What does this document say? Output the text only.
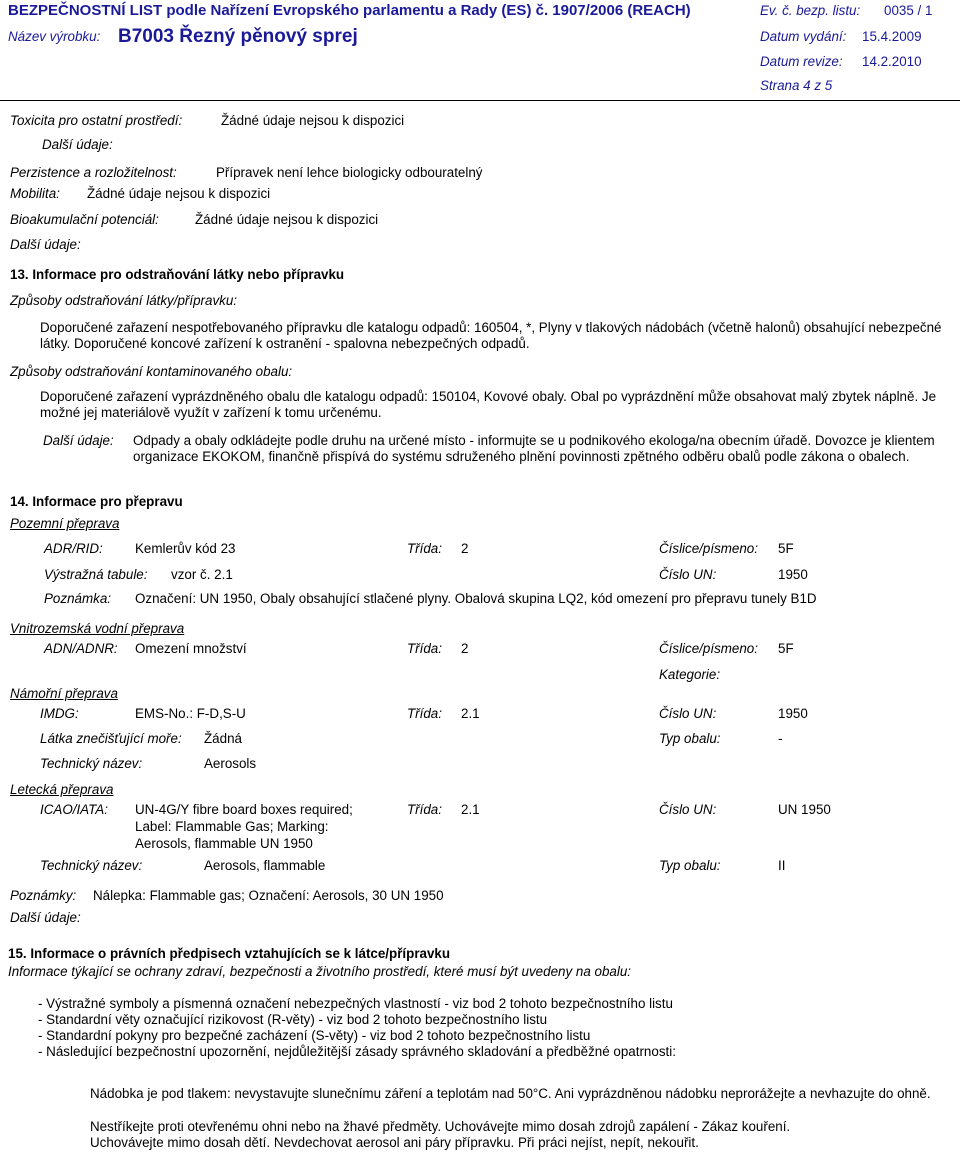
BEZPEČNOSTNÍ LIST podle Nařízení Evropského parlamentu a Rady (ES) č. 1907/2006 (REACH)	Ev. č. bezp. listu: 0035 / 1
Název výrobku: B7003 Řezný pěnový sprej	Datum vydání: 15.4.2009
Datum revize: 14.2.2010
Strana 4 z 5
Toxicita pro ostatní prostředí:	Žádné údaje nejsou k dispozici
Další údaje:
Perzistence a rozložitelnost:	Přípravek není lehce biologicky odbouratelný
Mobilita: Žádné údaje nejsou k dispozici
Bioakumulační potenciál:	Žádné údaje nejsou k dispozici
Další údaje:
13. Informace pro odstraňování látky nebo přípravku
Způsoby odstraňování látky/přípravku:
Doporučené zařazení nespotřebovaného přípravku dle katalogu odpadů: 160504, *, Plyny v tlakových nádobách (včetně halonů) obsahující nebezpečné látky. Doporučené koncové zařízení k ostranění - spalovna nebezpečných odpadů.
Způsoby odstraňování kontaminovaného obalu:
Doporučené zařazení vyprázdněného obalu dle katalogu odpadů: 150104, Kovové obaly. Obal po vyprázdnění může obsahovat malý zbytek náplně. Je možné jej materiálově využít v zařízení k tomu určenému.
Další údaje: Odpady a obaly odkládejte podle druhu na určené místo - informujte se u podnikového ekologa/na obecním úřadě. Dovozce je klientem organizace EKOKOM, finančně přispívá do systému sdruženého plnění povinnosti zpětného odběru obalů podle zákona o obalech.
14. Informace pro přepravu
Pozemní přeprava
ADR/RID: Kemlerův kód 23	Třída: 2	Číslice/písmeno: 5F
Výstražná tabule: vzor č. 2.1	Číslo UN:	1950
Poznámka: Označení: UN 1950, Obaly obsahující stlačené plyny. Obalová skupina LQ2, kód omezení pro přepravu tunely B1D
Vnitrozemská vodní přeprava
ADN/ADNR: Omezení množství	Třída: 2	Číslice/písmeno: 5F
Kategorie:
Námořní přeprava
IMDG:	EMS-No.: F-D,S-U	Třída: 2.1	Číslo UN:	1950
Látka znečišťující moře: Žádná	Typ obalu:	-
Technický název:	Aerosols
Letecká přeprava
ICAO/IATA: UN-4G/Y fibre board boxes required;
Label: Flammable Gas; Marking:
Aerosols, flammable UN 1950
Třída: 2.1	Číslo UN:	UN 1950
Technický název:	Aerosols, flammable	Typ obalu:	II
Poznámky: Nálepka: Flammable gas; Označení: Aerosols, 30 UN 1950
Další údaje:
15. Informace o právních předpisech vztahujících se k látce/přípravku
Informace týkající se ochrany zdraví, bezpečnosti a životního prostředí, které musí být uvedeny na obalu:
- Výstražné symboly a písmenná označení nebezpečných vlastností - viz bod 2 tohoto bezpečnostního listu
- Standardní věty označující rizikovost (R-věty) - viz bod 2 tohoto bezpečnostního listu
- Standardní pokyny pro bezpečné zacházení (S-věty) - viz bod 2 tohoto bezpečnostního listu
- Následující bezpečnostní upozornění, nejdůležitější zásady správného skladování a předběžné opatrnosti:
Nádobka je pod tlakem: nevystavujte slunečnímu záření a teplotám nad 50°C. Ani vyprázdněnou nádobku neprorážejte a nevhazujte do ohně.
Nestříkejte proti otevřenému ohni nebo na žhavé předměty. Uchovávejte mimo dosah zdrojů zapálení - Zákaz kouření.
Uchovávejte mimo dosah dětí. Nevdechovat aerosol ani páry přípravku. Při práci nejíst, nepít, nekouřit.
